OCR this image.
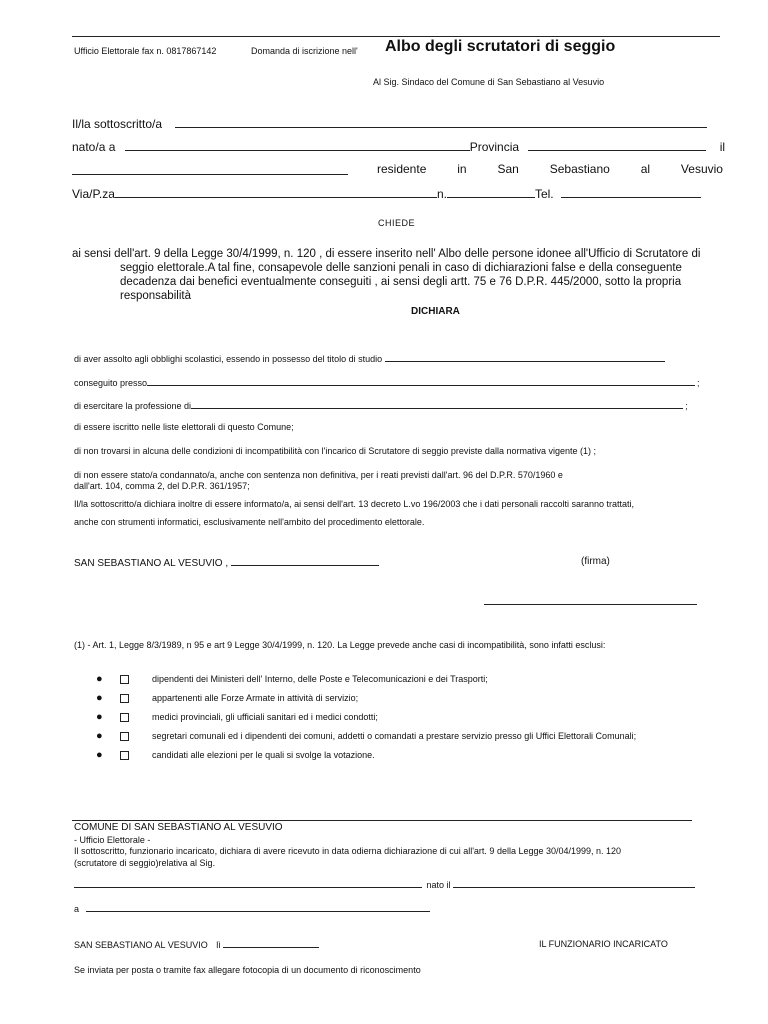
Ufficio Elettorale fax n. 0817867142	Domanda di iscrizione nell' Albo degli scrutatori di seggio
Al Sig. Sindaco del Comune di San Sebastiano al Vesuvio
Il/la sottoscritto/a
nato/a a	Provincia	il
residente	in	San	Sebastiano	al	Vesuvio
Via/P.za	n.	Tel.
CHIEDE
ai sensi dell'art. 9 della Legge 30/4/1999, n. 120 , di essere inserito nell' Albo delle persone idonee all'Ufficio di Scrutatore di
seggio elettorale.A tal fine, consapevole delle sanzioni penali in caso di dichiarazioni false e della conseguente
decadenza dai benefici eventualmente conseguiti , ai sensi degli artt. 75 e 76 D.P.R. 445/2000, sotto la propria
responsabilità
DICHIARA
di aver assolto agli obblighi scolastici, essendo in possesso del titolo di studio
conseguito presso	;
di esercitare la professione di	;
di essere iscritto nelle liste elettorali di questo Comune;
di non trovarsi in alcuna delle condizioni di incompatibilità con l'incarico di Scrutatore di seggio previste dalla normativa vigente (1) ;
di non essere stato/a condannato/a, anche con sentenza non definitiva, per i reati previsti dall'art. 96 del D.P.R. 570/1960 e
dall'art. 104, comma 2, del D.P.R. 361/1957;
Il/la sottoscritto/a dichiara inoltre di essere informato/a, ai sensi dell'art. 13 decreto L.vo 196/2003 che i dati personali raccolti saranno trattati,
anche con strumenti informatici, esclusivamente nell'ambito del procedimento elettorale.
SAN SEBASTIANO AL VESUVIO ,	(firma)
(1) - Art. 1, Legge 8/3/1989, n 95 e art 9 Legge 30/4/1999, n. 120. La Legge prevede anche casi di incompatibilità, sono infatti esclusi:
●	dipendenti dei Ministeri dell' Interno, delle Poste e Telecomunicazioni e dei Trasporti;
●	appartenenti alle Forze Armate in attività di servizio;
●	medici provinciali, gli ufficiali sanitari ed i medici condotti;
●	segretari comunali ed i dipendenti dei comuni, addetti o comandati a prestare servizio presso gli Uffici Elettorali Comunali;
●	candidati alle elezioni per le quali si svolge la votazione.
COMUNE DI SAN SEBASTIANO AL VESUVIO
- Ufficio Elettorale -
Il sottoscritto, funzionario incaricato, dichiara di avere ricevuto in data odierna dichiarazione di cui all'art. 9 della Legge 30/04/1999, n. 120
(scrutatore di seggio)relativa al Sig.
nato il
a
SAN SEBASTIANO AL VESUVIO lì	IL FUNZIONARIO INCARICATO
Se inviata per posta o tramite fax allegare fotocopia di un documento di riconoscimento
